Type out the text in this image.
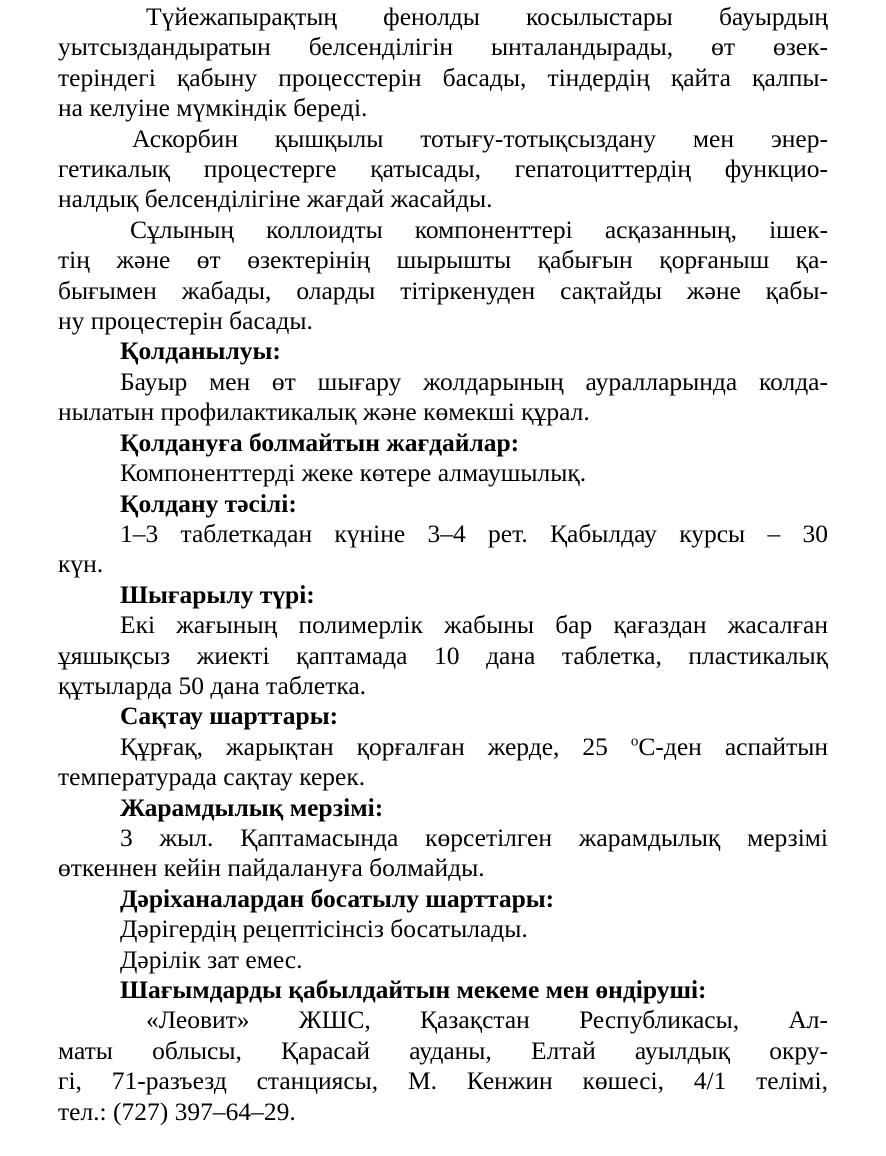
Түйежапырақтың фенолды косылыстары бауырдың
уытсыздандыратын белсенділігін ынталандырады, өт өзек-
теріндегі қабыну процесстерін басады, тіндердің қайта қалпы-
на келуіне мүмкіндік береді.
Аскорбин қышқылы тотығу-тотықсыздану мен энер-
гетикалық процестерге қатысады, гепатоциттердің функцио-
налдық белсенділігіне жағдай жасайды.
Сұлының коллоидты компоненттері асқазанның, ішек-
тің және өт өзектерінің шырышты қабығын қорғаныш қа-
бығымен жабады, оларды тітіркенуден сақтайды және қабы-
ну процестерін басады.
Қолданылуы:
Бауыр мен өт шығару жолдарының ауралларында колда-
нылатын профилактикалық және көмекші құрал.
Қолдануға болмайтын жағдайлар:
Компоненттерді жеке көтере алмаушылық.
Қолдану тәсілі:
1–3 таблеткадан күніне 3–4 рет. Қабылдау курсы – 30
күн.
Шығарылу түрі:
Екі жағының полимерлік жабыны бар қағаздан жасалған
ұяшықсыз жиекті қаптамада 10 дана таблетка, пластикалық
құтыларда 50 дана таблетка.
Сақтау шарттары:
Құрғақ, жарықтан қорғалған жерде, 25 $^о$С-ден аспайтын
температурада сақтау керек.
Жарамдылық мерзімі:
3 жыл. Қаптамасында көрсетілген жарамдылық мерзімі
өткеннен кейін пайдалануға болмайды.
Дәріханалардан босатылу шарттары:
Дәрігердің рецептісінсіз босатылады.
Дәрілік зат емес.
Шағымдарды қабылдайтын мекеме мен өндіруші:
«Леовит» ЖШС, Қазақстан Республикасы, Ал-
маты облысы, Қарасай ауданы, Елтай ауылдық окру-
гі, 71-разъезд станциясы, М. Кенжин көшесі, 4/1 телімі,
тел.: (727) 397–64–29.
